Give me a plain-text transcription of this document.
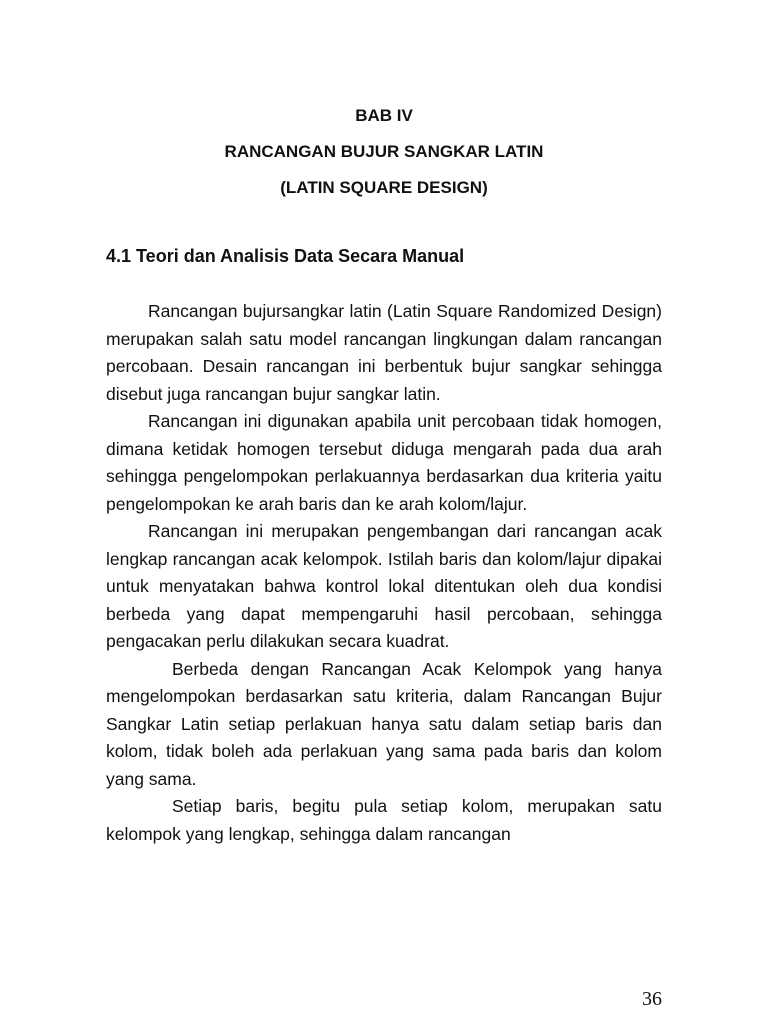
BAB IV
RANCANGAN BUJUR SANGKAR LATIN
(LATIN SQUARE DESIGN)
4.1 Teori dan Analisis Data Secara Manual

Rancangan bujursangkar latin (Latin Square Randomized Design) merupakan salah satu model rancangan lingkungan dalam rancangan percobaan. Desain rancangan ini berbentuk bujur sangkar sehingga disebut juga rancangan bujur sangkar latin.

Rancangan ini digunakan apabila unit percobaan tidak homogen, dimana ketidak homogen tersebut diduga mengarah pada dua arah sehingga pengelompokan perlakuannya berdasarkan dua kriteria yaitu pengelompokan ke arah baris dan ke arah kolom/lajur.

Rancangan ini merupakan pengembangan dari rancangan acak lengkap rancangan acak kelompok. Istilah baris dan kolom/lajur dipakai untuk menyatakan bahwa kontrol lokal ditentukan oleh dua kondisi berbeda yang dapat mempengaruhi hasil percobaan, sehingga pengacakan perlu dilakukan secara kuadrat.

Berbeda dengan Rancangan Acak Kelompok yang hanya mengelompokan berdasarkan satu kriteria, dalam Rancangan Bujur Sangkar Latin setiap perlakuan hanya satu dalam setiap baris dan kolom, tidak boleh ada perlakuan yang sama pada baris dan kolom yang sama.

Setiap baris, begitu pula setiap kolom, merupakan satu kelompok yang lengkap, sehingga dalam rancangan

36
